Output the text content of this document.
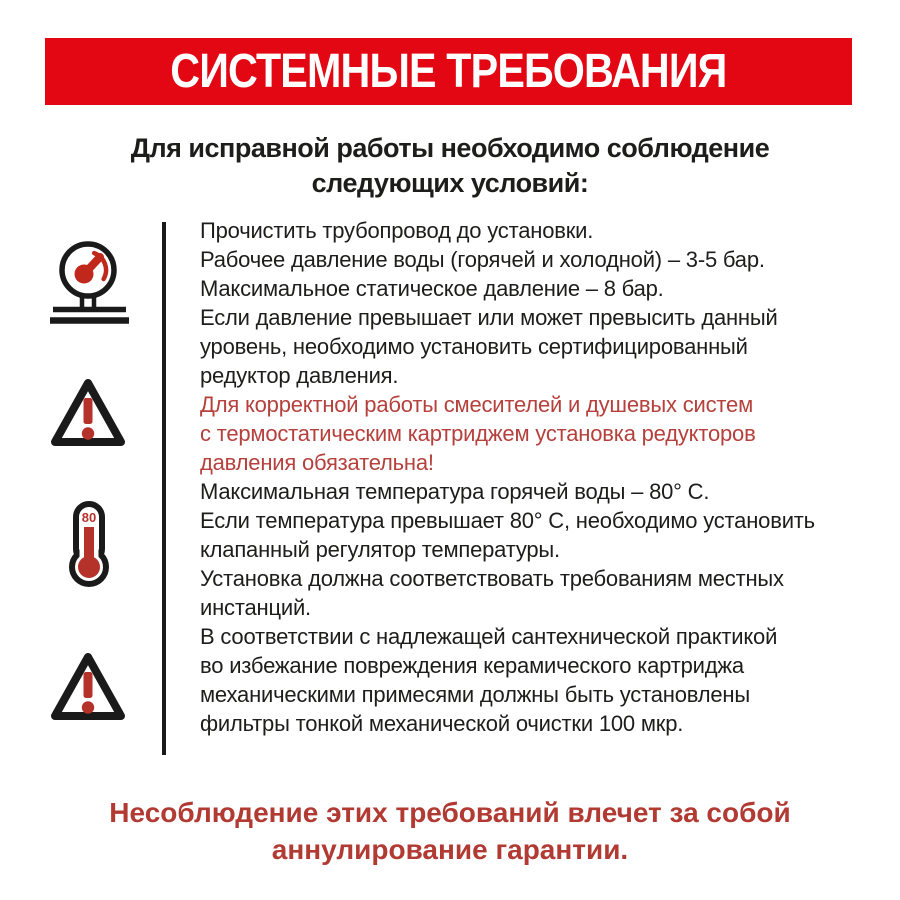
СИСТЕМНЫЕ ТРЕБОВАНИЯ
Для исправной работы необходимо соблюдение
следующих условий:
80
Прочистить трубопровод до установки.
Рабочее давление воды (горячей и холодной) – 3-5 бар.
Максимальное статическое давление – 8 бар.
Если давление превышает или может превысить данный
уровень, необходимо установить сертифицированный
редуктор давления.
Для корректной работы смесителей и душевых систем
с термостатическим картриджем установка редукторов
давления обязательна!
Максимальная температура горячей воды – 80° C.
Если температура превышает 80° C, необходимо установить
клапанный регулятор температуры.
Установка должна соответствовать требованиям местных
инстанций.
В соответствии с надлежащей сантехнической практикой
во избежание повреждения керамического картриджа
механическими примесями должны быть установлены
фильтры тонкой механической очистки 100 мкр.
Несоблюдение этих требований влечет за собой
аннулирование гарантии.
